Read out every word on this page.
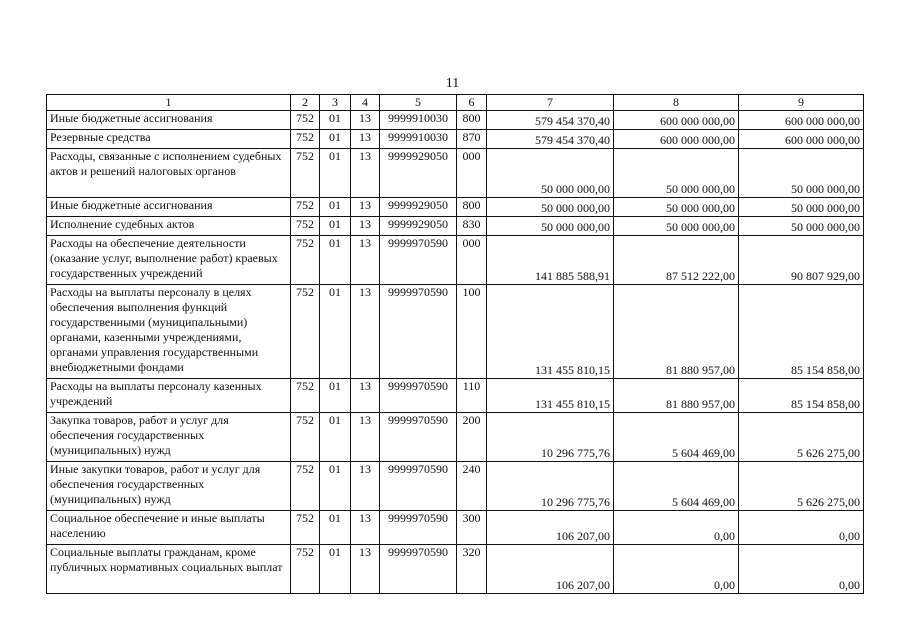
11
1	2	3	4	5	6	7	8	9
Иные бюджетные ассигнования	752	01	13	9999910030	800	579 454 370,40	600 000 000,00	600 000 000,00
Резервные средства	752	01	13	9999910030	870	579 454 370,40	600 000 000,00	600 000 000,00
Расходы, связанные с исполнением судебных актов и решений налоговых органов	752	01	13	9999929050	000	50 000 000,00	50 000 000,00	50 000 000,00
Иные бюджетные ассигнования	752	01	13	9999929050	800	50 000 000,00	50 000 000,00	50 000 000,00
Исполнение судебных актов	752	01	13	9999929050	830	50 000 000,00	50 000 000,00	50 000 000,00
Расходы на обеспечение деятельности (оказание услуг, выполнение работ) краевых государственных учреждений	752	01	13	9999970590	000	141 885 588,91	87 512 222,00	90 807 929,00
Расходы на выплаты персоналу в целях обеспечения выполнения функций государственными (муниципальными) органами, казенными учреждениями, органами управления государственными внебюджетными фондами	752	01	13	9999970590	100	131 455 810,15	81 880 957,00	85 154 858,00
Расходы на выплаты персоналу казенных учреждений	752	01	13	9999970590	110	131 455 810,15	81 880 957,00	85 154 858,00
Закупка товаров, работ и услуг для обеспечения государственных (муниципальных) нужд	752	01	13	9999970590	200	10 296 775,76	5 604 469,00	5 626 275,00
Иные закупки товаров, работ и услуг для обеспечения государственных (муниципальных) нужд	752	01	13	9999970590	240	10 296 775,76	5 604 469,00	5 626 275,00
Социальное обеспечение и иные выплаты населению	752	01	13	9999970590	300	106 207,00	0,00	0,00
Социальные выплаты гражданам, кроме публичных нормативных социальных выплат	752	01	13	9999970590	320	106 207,00	0,00	0,00
